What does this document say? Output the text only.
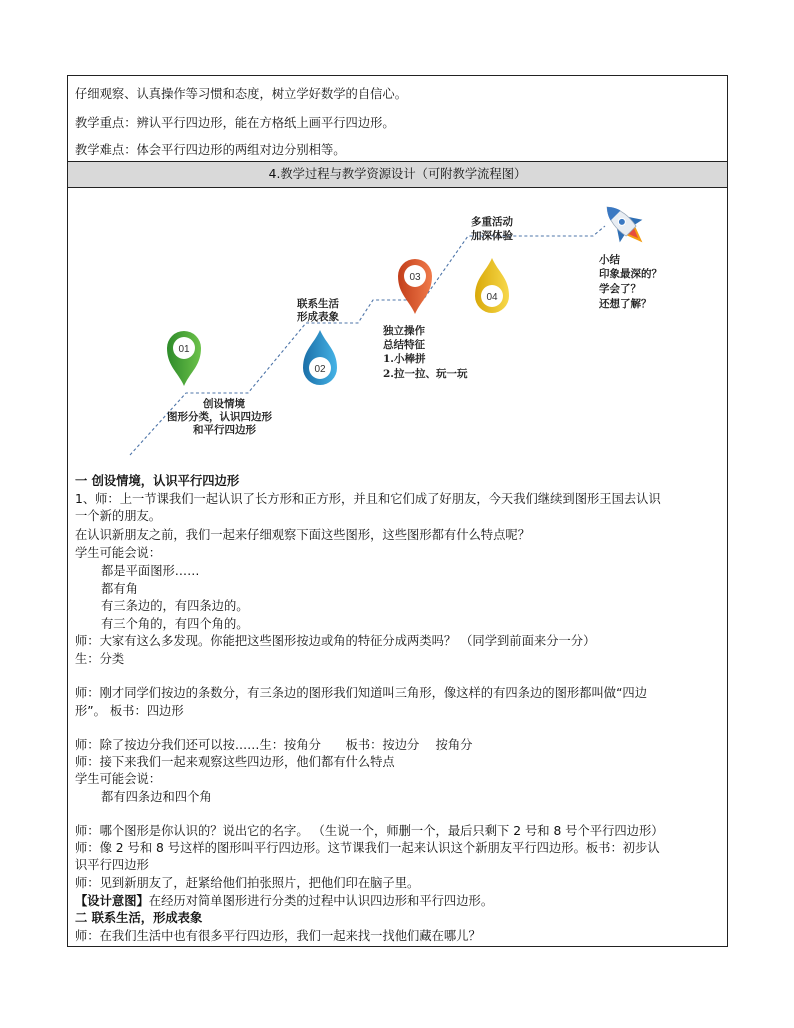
仔细观察、认真操作等习惯和态度，树立学好数学的自信心。
教学重点：辨认平行四边形，能在方格纸上画平行四边形。
教学难点：体会平行四边形的两组对边分别相等。
4.教学过程与教学资源设计（可附教学流程图）
01
02
03
04
创设情境
图形分类，认识四边形
和平行四边形
联系生活
形成表象
独立操作
总结特征
1.小棒拼
2.拉一拉、玩一玩
多重活动
加深体验
小结
印象最深的？
学会了？
还想了解？
一 创设情境，认识平行四边形
1、师：上一节课我们一起认识了长方形和正方形，并且和它们成了好朋友，今天我们继续到图形王国去认识
一个新的朋友。
在认识新朋友之前，我们一起来仔细观察下面这些图形，这些图形都有什么特点呢？
学生可能会说：
都是平面图形……
都有角
有三条边的，有四条边的。
有三个角的，有四个角的。
师：大家有这么多发现。你能把这些图形按边或角的特征分成两类吗？ （同学到前面来分一分）
生：分类
师：刚才同学们按边的条数分，有三条边的图形我们知道叫三角形，像这样的有四条边的图形都叫做“四边
形”。 板书：四边形
师：除了按边分我们还可以按……生：按角分　　板书：按边分　 按角分
师：接下来我们一起来观察这些四边形，他们都有什么特点
学生可能会说：
都有四条边和四个角
师：哪个图形是你认识的？说出它的名字。 （生说一个，师删一个，最后只剩下 2 号和 8 号个平行四边形）
师：像 2 号和 8 号这样的图形叫平行四边形。这节课我们一起来认识这个新朋友平行四边形。板书：初步认
识平行四边形
师：见到新朋友了，赶紧给他们拍张照片，把他们印在脑子里。
【设计意图】在经历对简单图形进行分类的过程中认识四边形和平行四边形。
二 联系生活，形成表象
师：在我们生活中也有很多平行四边形，我们一起来找一找他们藏在哪儿？
